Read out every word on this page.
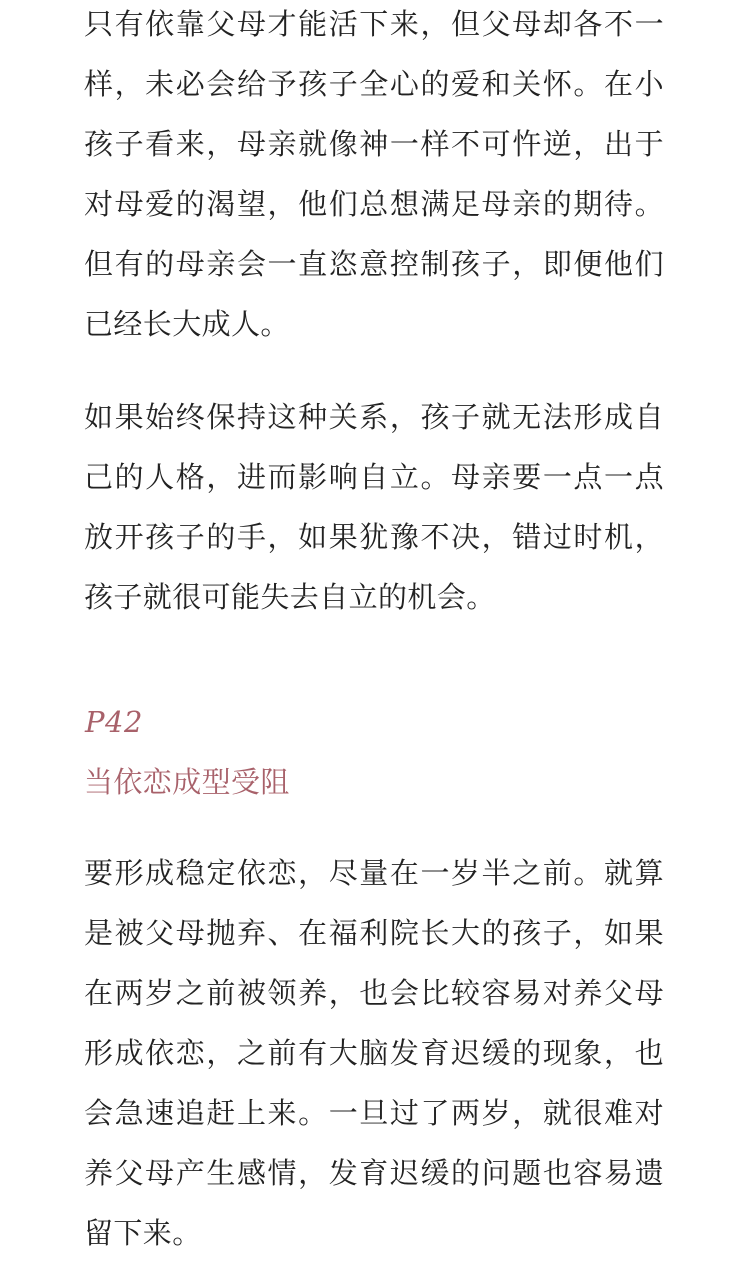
只有依靠父母才能活下来，但父母却各不一样，未必会给予孩子全心的爱和关怀。在小孩子看来，母亲就像神一样不可忤逆，出于对母爱的渴望，他们总想满足母亲的期待。但有的母亲会一直恣意控制孩子，即便他们已经长大成人。

如果始终保持这种关系，孩子就无法形成自己的人格，进而影响自立。母亲要一点一点放开孩子的手，如果犹豫不决，错过时机，孩子就很可能失去自立的机会。

P42
当依恋成型受阻

要形成稳定依恋，尽量在一岁半之前。就算是被父母抛弃、在福利院长大的孩子，如果在两岁之前被领养，也会比较容易对养父母形成依恋，之前有大脑发育迟缓的现象，也会急速追赶上来。一旦过了两岁，就很难对养父母产生感情，发育迟缓的问题也容易遗留下来。
